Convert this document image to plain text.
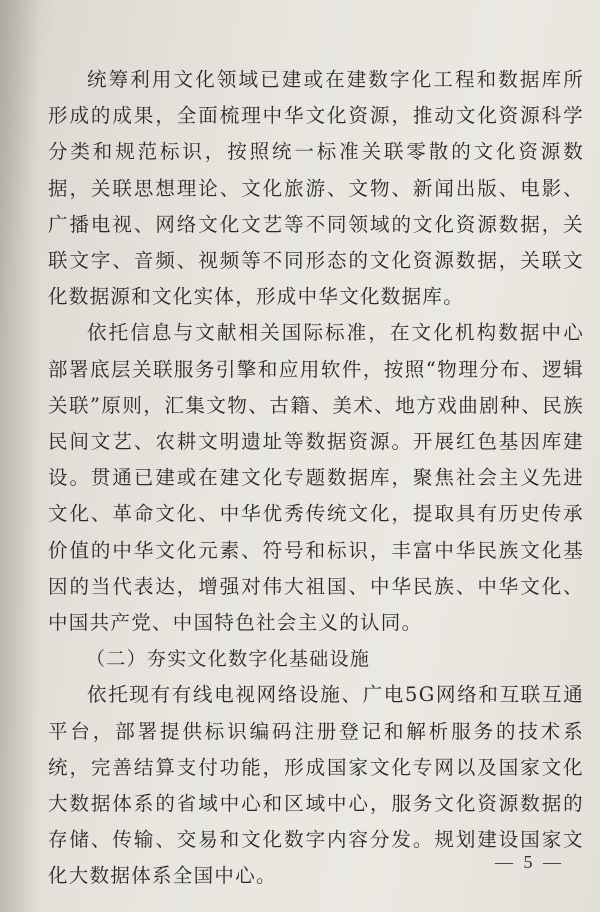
统筹利用文化领域已建或在建数字化工程和数据库所形成的成果，全面梳理中华文化资源，推动文化资源科学分类和规范标识，按照统一标准关联零散的文化资源数据，关联思想理论、文化旅游、文物、新闻出版、电影、广播电视、网络文化文艺等不同领域的文化资源数据，关联文字、音频、视频等不同形态的文化资源数据，关联文化数据源和文化实体，形成中华文化数据库。

依托信息与文献相关国际标准，在文化机构数据中心部署底层关联服务引擎和应用软件，按照“物理分布、逻辑关联”原则，汇集文物、古籍、美术、地方戏曲剧种、民族民间文艺、农耕文明遗址等数据资源。开展红色基因库建设。贯通已建或在建文化专题数据库，聚焦社会主义先进文化、革命文化、中华优秀传统文化，提取具有历史传承价值的中华文化元素、符号和标识，丰富中华民族文化基因的当代表达，增强对伟大祖国、中华民族、中华文化、中国共产党、中国特色社会主义的认同。

（二）夯实文化数字化基础设施

依托现有有线电视网络设施、广电5G网络和互联互通平台，部署提供标识编码注册登记和解析服务的技术系统，完善结算支付功能，形成国家文化专网以及国家文化大数据体系的省域中心和区域中心，服务文化资源数据的存储、传输、交易和文化数字内容分发。规划建设国家文化大数据体系全国中心。

— 5 —
